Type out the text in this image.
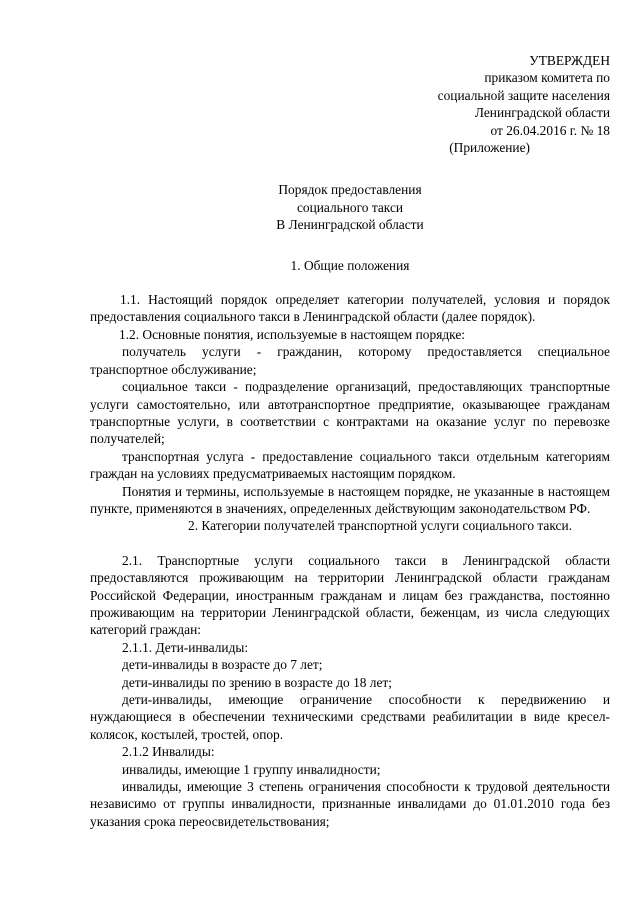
УТВЕРЖДЕН
приказом комитета по
социальной защите населения
Ленинградской области
от 26.04.2016 г. № 18
(Приложение)
Порядок предоставления
социального такси
В Ленинградской области
1. Общие положения

1.1. Настоящий порядок определяет категории получателей, условия и порядок предоставления социального такси в Ленинградской области (далее порядок).

1.2. Основные понятия, используемые в настоящем порядке:

получатель услуги - гражданин, которому предоставляется специальное транспортное обслуживание;

социальное такси - подразделение организаций, предоставляющих транспортные услуги самостоятельно, или автотранспортное предприятие, оказывающее гражданам транспортные услуги, в соответствии с контрактами на оказание услуг по перевозке получателей;

транспортная услуга - предоставление социального такси отдельным категориям граждан на условиях предусматриваемых настоящим порядком.

Понятия и термины, используемые в настоящем порядке, не указанные в настоящем пункте, применяются в значениях, определенных действующим законодательством РФ.

2. Категории получателей транспортной услуги социального такси.

2.1. Транспортные услуги социального такси в Ленинградской области предоставляются проживающим на территории Ленинградской области гражданам Российской Федерации, иностранным гражданам и лицам без гражданства, постоянно проживающим на территории Ленинградской области, беженцам, из числа следующих категорий граждан:

2.1.1. Дети-инвалиды:

дети-инвалиды в возрасте до 7 лет;

дети-инвалиды по зрению в возрасте до 18 лет;

дети-инвалиды, имеющие ограничение способности к передвижению и нуждающиеся в обеспечении техническими средствами реабилитации в виде кресел-колясок, костылей, тростей, опор.

2.1.2 Инвалиды:

инвалиды, имеющие 1 группу инвалидности;

инвалиды, имеющие 3 степень ограничения способности к трудовой деятельности независимо от группы инвалидности, признанные инвалидами до 01.01.2010 года без указания срока переосвидетельствования;
